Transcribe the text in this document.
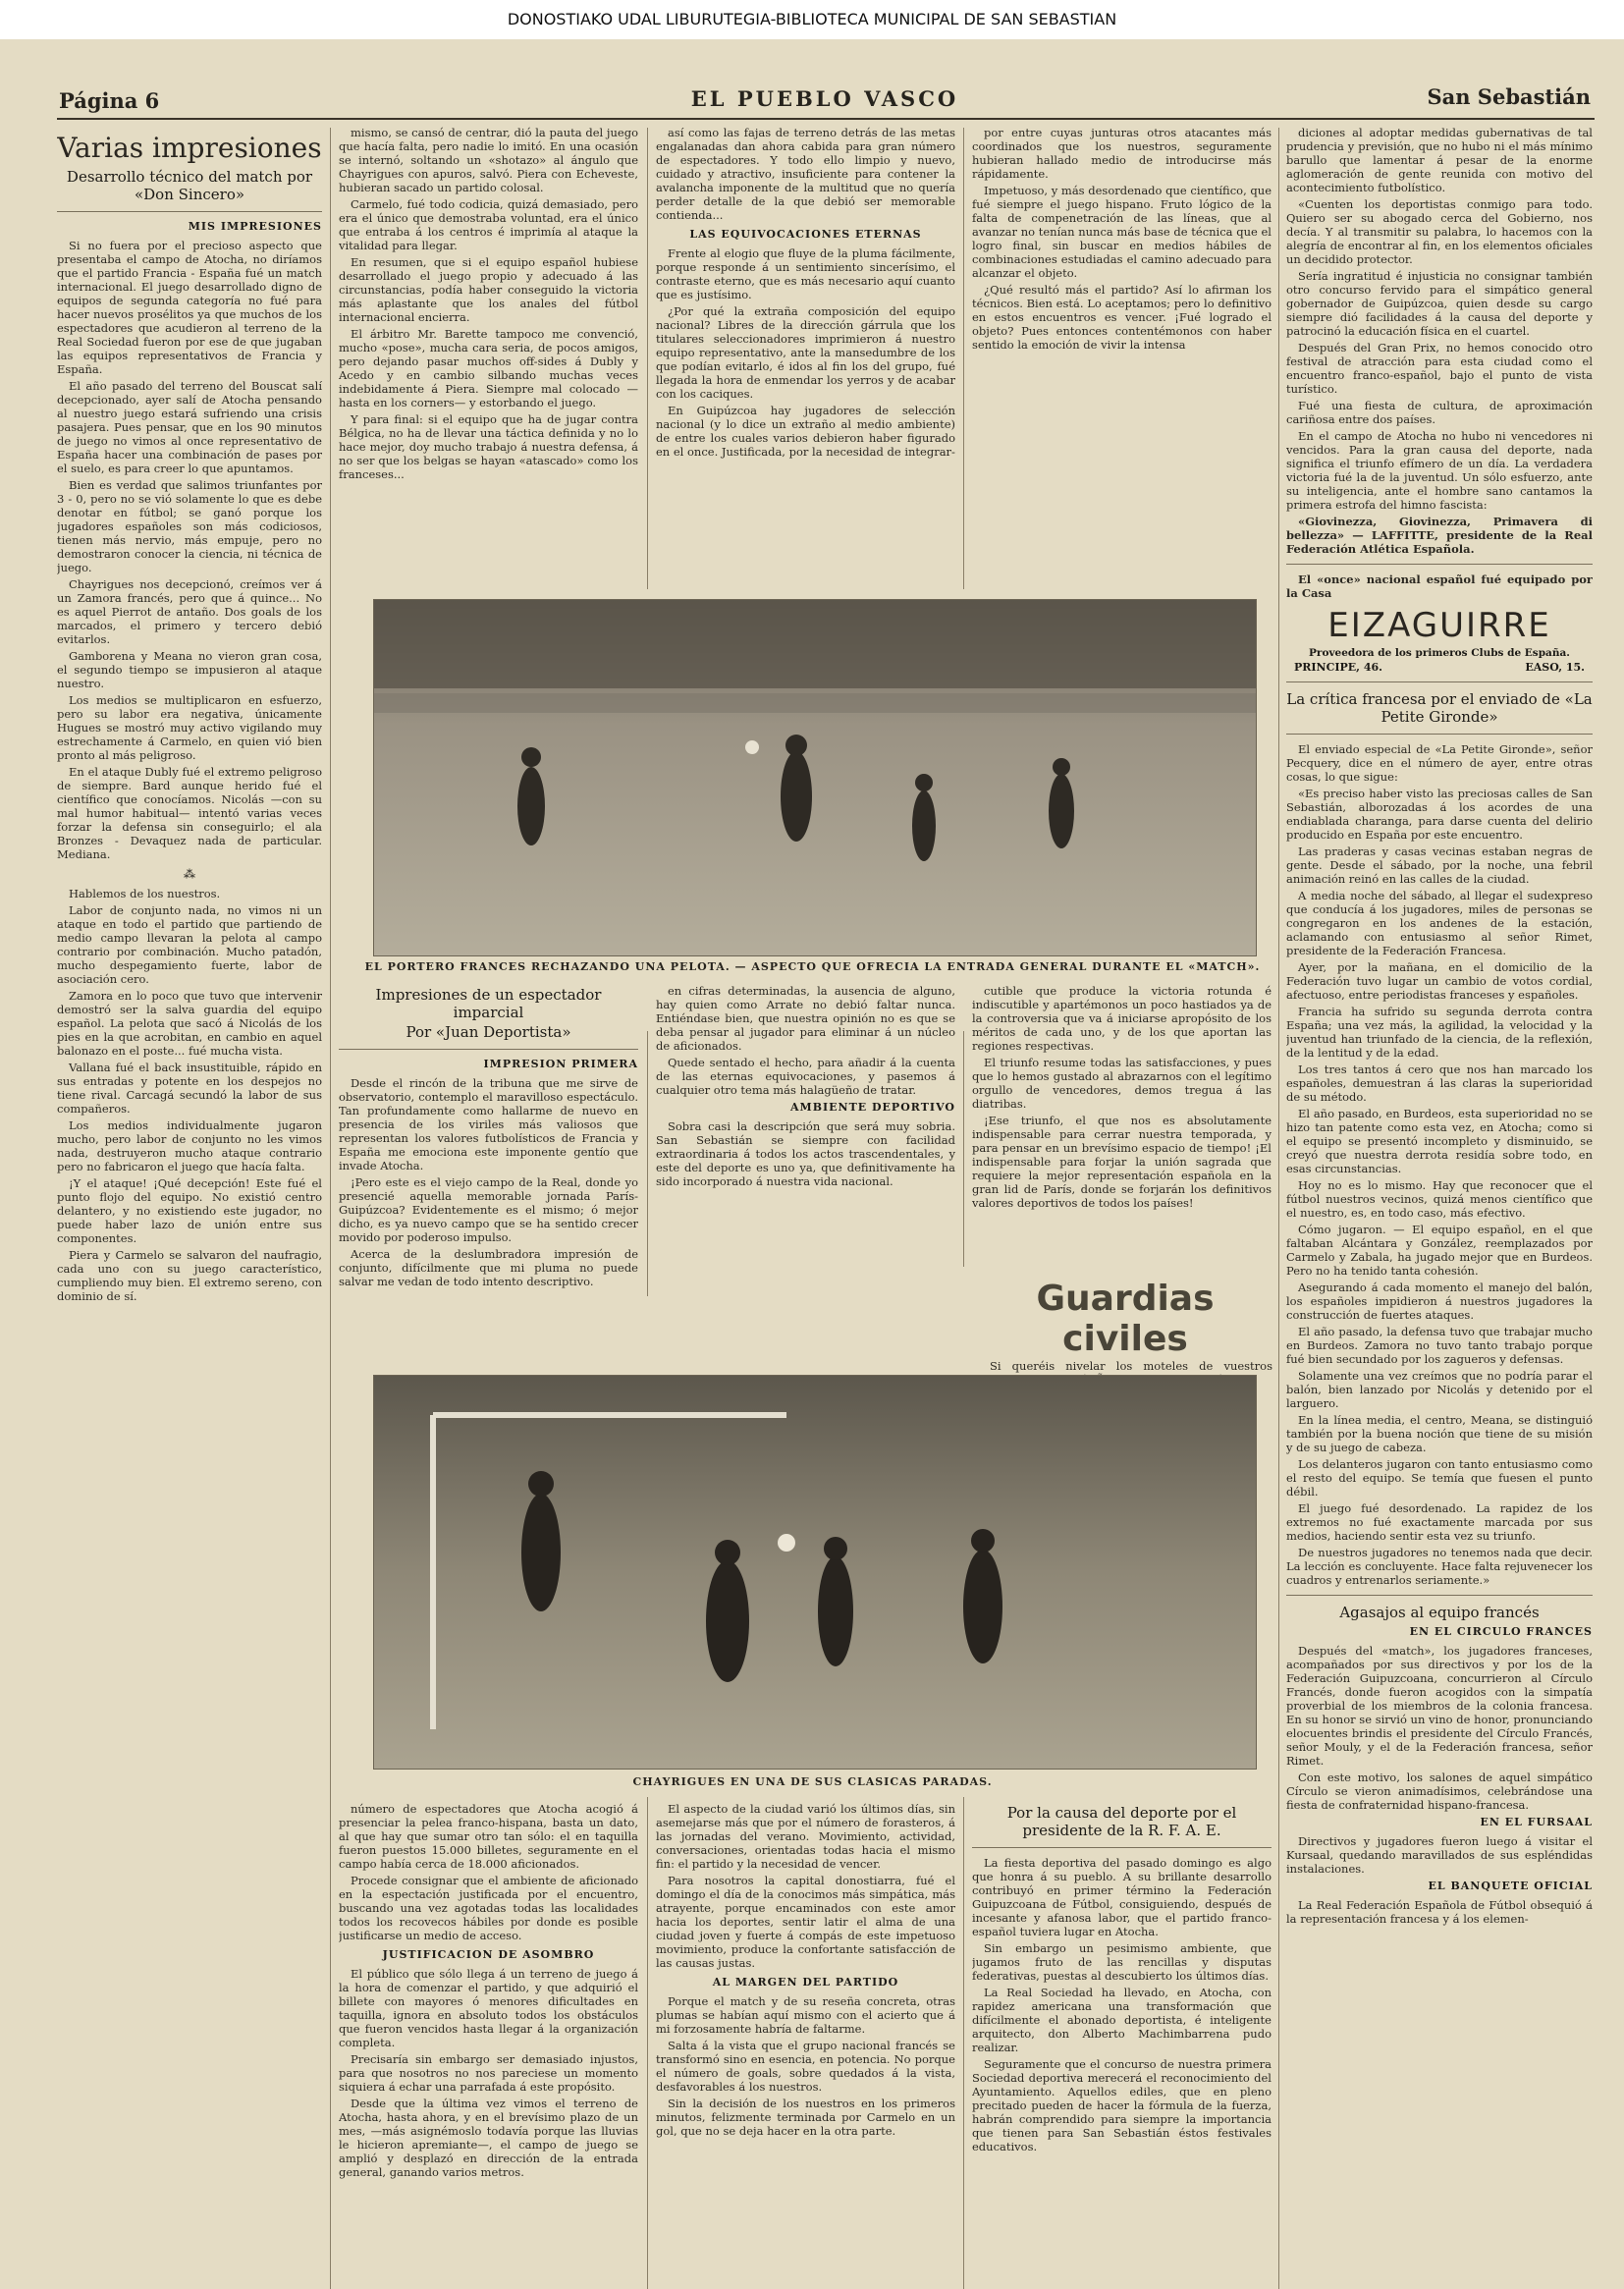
DONOSTIAKO UDAL LIBURUTEGIA-BIBLIOTECA MUNICIPAL DE SAN SEBASTIAN
Página 6	EL PUEBLO VASCO	San Sebastián
Varias impresiones
Desarrollo técnico del match por «Don Sincero»
MIS IMPRESIONES

Si no fuera por el precioso aspecto que presentaba el campo de Atocha, no diríamos que el partido Francia - España fué un match internacional. El juego desarrollado digno de equipos de segunda categoría no fué para hacer nuevos prosélitos ya que muchos de los espectadores que acudieron al terreno de la Real Sociedad fueron por ese de que jugaban las equipos representativos de Francia y España.

El año pasado del terreno del Bouscat salí decepcionado, ayer salí de Atocha pensando al nuestro juego estará sufriendo una crisis pasajera. Pues pensar, que en los 90 minutos de juego no vimos al once representativo de España hacer una combinación de pases por el suelo, es para creer lo que apuntamos.

Bien es verdad que salimos triunfantes por 3 - 0, pero no se vió solamente lo que es debe denotar en fútbol; se ganó porque los jugadores españoles son más codiciosos, tienen más nervio, más empuje, pero no demostraron conocer la ciencia, ni técnica de juego.

Chayrigues nos decepcionó, creímos ver á un Zamora francés, pero que á quince... No es aquel Pierrot de antaño. Dos goals de los marcados, el primero y tercero debió evitarlos.

Gamborena y Meana no vieron gran cosa, el segundo tiempo se impusieron al ataque nuestro.

Los medios se multiplicaron en esfuerzo, pero su labor era negativa, únicamente Hugues se mostró muy activo vigilando muy estrechamente á Carmelo, en quien vió bien pronto al más peligroso.

En el ataque Dubly fué el extremo peligroso de siempre. Bard aunque herido fué el científico que conocíamos. Nicolás —con su mal humor habitual— intentó varias veces forzar la defensa sin conseguirlo; el ala Bronzes - Devaquez nada de particular. Mediana.

⁂

Hablemos de los nuestros.

Labor de conjunto nada, no vimos ni un ataque en todo el partido que partiendo de medio campo llevaran la pelota al campo contrario por combinación. Mucho patadón, mucho despegamiento fuerte, labor de asociación cero.

Zamora en lo poco que tuvo que intervenir demostró ser la salva guardia del equipo español. La pelota que sacó á Nicolás de los pies en la que acrobitan, en cambio en aquel balonazo en el poste... fué mucha vista.

Vallana fué el back insustituible, rápido en sus entradas y potente en los despejos no tiene rival. Carcagá secundó la labor de sus compañeros.

Los medios individualmente jugaron mucho, pero labor de conjunto no les vimos nada, destruyeron mucho ataque contrario pero no fabricaron el juego que hacía falta.

¡Y el ataque! ¡Qué decepción! Este fué el punto flojo del equipo. No existió centro delantero, y no existiendo este jugador, no puede haber lazo de unión entre sus componentes.

Piera y Carmelo se salvaron del naufragio, cada uno con su juego característico, cumpliendo muy bien. El extremo sereno, con dominio de sí.

mismo, se cansó de centrar, dió la pauta del juego que hacía falta, pero nadie lo imitó. En una ocasión se internó, soltando un «shotazo» al ángulo que Chayrigues con apuros, salvó. Piera con Echeveste, hubieran sacado un partido colosal.

Carmelo, fué todo codicia, quizá demasiado, pero era el único que demostraba voluntad, era el único que entraba á los centros é imprimía al ataque la vitalidad para llegar.

En resumen, que si el equipo español hubiese desarrollado el juego propio y adecuado á las circunstancias, podía haber conseguido la victoria más aplastante que los anales del fútbol internacional encierra.

El árbitro Mr. Barette tampoco me convenció, mucho «pose», mucha cara seria, de pocos amigos, pero dejando pasar muchos off-sides á Dubly y Acedo y en cambio silbando muchas veces indebidamente á Piera. Siempre mal colocado —hasta en los corners— y estorbando el juego.

Y para final: si el equipo que ha de jugar contra Bélgica, no ha de llevar una táctica definida y no lo hace mejor, doy mucho trabajo á nuestra defensa, á no ser que los belgas se hayan «atascado» como los franceses...

así como las fajas de terreno detrás de las metas engalanadas dan ahora cabida para gran número de espectadores. Y todo ello limpio y nuevo, cuidado y atractivo, insuficiente para contener la avalancha imponente de la multitud que no quería perder detalle de la que debió ser memorable contienda...

LAS EQUIVOCACIONES ETERNAS

Frente al elogio que fluye de la pluma fácilmente, porque responde á un sentimiento sincerísimo, el contraste eterno, que es más necesario aquí cuanto que es justísimo.

¿Por qué la extraña composición del equipo nacional? Libres de la dirección gárrula que los titulares seleccionadores imprimieron á nuestro equipo representativo, ante la mansedumbre de los que podían evitarlo, é idos al fin los del grupo, fué llegada la hora de enmendar los yerros y de acabar con los caciques.

En Guipúzcoa hay jugadores de selección nacional (y lo dice un extraño al medio ambiente) de entre los cuales varios debieron haber figurado en el once. Justificada, por la necesidad de integrar-

por entre cuyas junturas otros atacantes más coordinados que los nuestros, seguramente hubieran hallado medio de introducirse más rápidamente.

Impetuoso, y más desordenado que científico, que fué siempre el juego hispano. Fruto lógico de la falta de compenetración de las líneas, que al avanzar no tenían nunca más base de técnica que el logro final, sin buscar en medios hábiles de combinaciones estudiadas el camino adecuado para alcanzar el objeto.

¿Qué resultó más el partido? Así lo afirman los técnicos. Bien está. Lo aceptamos; pero lo definitivo en estos encuentros es vencer. ¡Fué logrado el objeto? Pues entonces contentémonos con haber sentido la emoción de vivir la intensa

EL PORTERO FRANCES RECHAZANDO UNA PELOTA. — ASPECTO QUE OFRECIA LA ENTRADA GENERAL DURANTE EL «MATCH».
Impresiones de un espectador imparcial
Por «Juan Deportista»
IMPRESION PRIMERA

Desde el rincón de la tribuna que me sirve de observatorio, contemplo el maravilloso espectáculo. Tan profundamente como hallarme de nuevo en presencia de los viriles más valiosos que representan los valores futbolísticos de Francia y España me emociona este imponente gentío que invade Atocha.

¡Pero este es el viejo campo de la Real, donde yo presencié aquella memorable jornada París-Guipúzcoa? Evidentemente es el mismo; ó mejor dicho, es ya nuevo campo que se ha sentido crecer movido por poderoso impulso.

Acerca de la deslumbradora impresión de conjunto, difícilmente que mi pluma no puede salvar me vedan de todo intento descriptivo.

en cifras determinadas, la ausencia de alguno, hay quien como Arrate no debió faltar nunca. Entiéndase bien, que nuestra opinión no es que se deba pensar al jugador para eliminar á un núcleo de aficionados.

Quede sentado el hecho, para añadir á la cuenta de las eternas equivocaciones, y pasemos á cualquier otro tema más halagüeño de tratar.

AMBIENTE DEPORTIVO

Sobra casi la descripción que será muy sobria. San Sebastián se siempre con facilidad extraordinaria á todos los actos trascendentales, y este del deporte es uno ya, que definitivamente ha sido incorporado á nuestra vida nacional.

cutible que produce la victoria rotunda é indiscutible y apartémonos un poco hastiados ya de la controversia que va á iniciarse apropósito de los méritos de cada uno, y de los que aportan las regiones respectivas.

El triunfo resume todas las satisfacciones, y pues que lo hemos gustado al abrazarnos con el legítimo orgullo de vencedores, demos tregua á las diatribas.

¡Ese triunfo, el que nos es absolutamente indispensable para cerrar nuestra temporada, y para pensar en un brevísimo espacio de tiempo! ¡El indispensable para forjar la unión sagrada que requiere la mejor representación española en la gran lid de París, donde se forjarán los definitivos valores deportivos de todos los países!

Guardias civiles

Si queréis nivelar los moteles de vuestros

CHAYRIGUES EN UNA DE SUS CLASICAS PARADAS.

número de espectadores que Atocha acogió á presenciar la pelea franco-hispana, basta un dato, al que hay que sumar otro tan sólo: el en taquilla fueron puestos 15.000 billetes, seguramente en el campo había cerca de 18.000 aficionados.

Procede consignar que el ambiente de aficionado en la espectación justificada por el encuentro, buscando una vez agotadas todas las localidades todos los recovecos hábiles por donde es posible justificarse un medio de acceso.

JUSTIFICACION DE ASOMBRO

El público que sólo llega á un terreno de juego á la hora de comenzar el partido, y que adquirió el billete con mayores ó menores dificultades en taquilla, ignora en absoluto todos los obstáculos que fueron vencidos hasta llegar á la organización completa.

Precisaría sin embargo ser demasiado injustos, para que nosotros no nos pareciese un momento siquiera á echar una parrafada á este propósito.

Desde que la última vez vimos el terreno de Atocha, hasta ahora, y en el brevísimo plazo de un mes, —más asignémoslo todavía porque las lluvias le hicieron apremiante—, el campo de juego se amplió y desplazó en dirección de la entrada general, ganando varios metros.

El aspecto de la ciudad varió los últimos días, sin asemejarse más que por el número de forasteros, á las jornadas del verano. Movimiento, actividad, conversaciones, orientadas todas hacia el mismo fin: el partido y la necesidad de vencer.

Para nosotros la capital donostiarra, fué el domingo el día de la conocimos más simpática, más atrayente, porque encaminados con este amor hacia los deportes, sentir latir el alma de una ciudad joven y fuerte á compás de este impetuoso movimiento, produce la confortante satisfacción de las causas justas.

AL MARGEN DEL PARTIDO

Porque el match y de su reseña concreta, otras plumas se habían aquí mismo con el acierto que á mi forzosamente habría de faltarme.

Salta á la vista que el grupo nacional francés se transformó sino en esencia, en potencia. No porque el número de goals, sobre quedados á la vista, desfavorables á los nuestros.

Sin la decisión de los nuestros en los primeros minutos, felizmente terminada por Carmelo en un gol, que no se deja hacer en la otra parte.

Por la causa del deporte por el presidente de la R. F. A. E.

La fiesta deportiva del pasado domingo es algo que honra á su pueblo. A su brillante desarrollo contribuyó en primer término la Federación Guipuzcoana de Fútbol, consiguiendo, después de incesante y afanosa labor, que el partido franco-español tuviera lugar en Atocha.

Sin embargo un pesimismo ambiente, que jugamos fruto de las rencillas y disputas federativas, puestas al descubierto los últimos días.

La Real Sociedad ha llevado, en Atocha, con rapidez americana una transformación que difícilmente el abonado deportista, é inteligente arquitecto, don Alberto Machimbarrena pudo realizar.

Seguramente que el concurso de nuestra primera Sociedad deportiva merecerá el reconocimiento del Ayuntamiento. Aquellos ediles, que en pleno precitado pueden de hacer la fórmula de la fuerza, habrán comprendido para siempre la importancia que tienen para San Sebastián éstos festivales educativos.

diciones al adoptar medidas gubernativas de tal prudencia y previsión, que no hubo ni el más mínimo barullo que lamentar á pesar de la enorme aglomeración de gente reunida con motivo del acontecimiento futbolístico.

«Cuenten los deportistas conmigo para todo. Quiero ser su abogado cerca del Gobierno, nos decía. Y al transmitir su palabra, lo hacemos con la alegría de encontrar al fin, en los elementos oficiales un decidido protector.

Sería ingratitud é injusticia no consignar también otro concurso fervido para el simpático general gobernador de Guipúzcoa, quien desde su cargo siempre dió facilidades á la causa del deporte y patrocinó la educación física en el cuartel.

Después del Gran Prix, no hemos conocido otro festival de atracción para esta ciudad como el encuentro franco-español, bajo el punto de vista turístico.

Fué una fiesta de cultura, de aproximación cariñosa entre dos países.

En el campo de Atocha no hubo ni vencedores ni vencidos. Para la gran causa del deporte, nada significa el triunfo efímero de un día. La verdadera victoria fué la de la juventud. Un sólo esfuerzo, ante su inteligencia, ante el hombre sano cantamos la primera estrofa del himno fascista:

«Giovinezza, Giovinezza, Primavera di bellezza» — LAFFITTE, presidente de la Real Federación Atlética Española.

El «once» nacional español fué equipado por la Casa

EIZAGUIRRE
Proveedora de los primeros Clubs de España.
PRINCIPE, 46.	EASO, 15.
La crítica francesa por el enviado de «La Petite Gironde»

El enviado especial de «La Petite Gironde», señor Pecquery, dice en el número de ayer, entre otras cosas, lo que sigue:

«Es preciso haber visto las preciosas calles de San Sebastián, alborozadas á los acordes de una endiablada charanga, para darse cuenta del delirio producido en España por este encuentro.

Las praderas y casas vecinas estaban negras de gente. Desde el sábado, por la noche, una febril animación reinó en las calles de la ciudad.

A media noche del sábado, al llegar el sudexpreso que conducía á los jugadores, miles de personas se congregaron en los andenes de la estación, aclamando con entusiasmo al señor Rimet, presidente de la Federación Francesa.

Ayer, por la mañana, en el domicilio de la Federación tuvo lugar un cambio de votos cordial, afectuoso, entre periodistas franceses y españoles.

Francia ha sufrido su segunda derrota contra España; una vez más, la agilidad, la velocidad y la juventud han triunfado de la ciencia, de la reflexión, de la lentitud y de la edad.

Los tres tantos á cero que nos han marcado los españoles, demuestran á las claras la superioridad de su método.

El año pasado, en Burdeos, esta superioridad no se hizo tan patente como esta vez, en Atocha; como si el equipo se presentó incompleto y disminuido, se creyó que nuestra derrota residía sobre todo, en esas circunstancias.

Hoy no es lo mismo. Hay que reconocer que el fútbol nuestros vecinos, quizá menos científico que el nuestro, es, en todo caso, más efectivo.

Cómo jugaron. — El equipo español, en el que faltaban Alcántara y González, reemplazados por Carmelo y Zabala, ha jugado mejor que en Burdeos. Pero no ha tenido tanta cohesión.

Asegurando á cada momento el manejo del balón, los españoles impidieron á nuestros jugadores la construcción de fuertes ataques.

El año pasado, la defensa tuvo que trabajar mucho en Burdeos. Zamora no tuvo tanto trabajo porque fué bien secundado por los zagueros y defensas.

Solamente una vez creímos que no podría parar el balón, bien lanzado por Nicolás y detenido por el larguero.

En la línea media, el centro, Meana, se distinguió también por la buena noción que tiene de su misión y de su juego de cabeza.

Los delanteros jugaron con tanto entusiasmo como el resto del equipo. Se temía que fuesen el punto débil.

El juego fué desordenado. La rapidez de los extremos no fué exactamente marcada por sus medios, haciendo sentir esta vez su triunfo.

De nuestros jugadores no tenemos nada que decir. La lección es concluyente. Hace falta rejuvenecer los cuadros y entrenarlos seriamente.»

Agasajos al equipo francés
EN EL CIRCULO FRANCES

Después del «match», los jugadores franceses, acompañados por sus directivos y por los de la Federación Guipuzcoana, concurrieron al Círculo Francés, donde fueron acogidos con la simpatía proverbial de los miembros de la colonia francesa. En su honor se sirvió un vino de honor, pronunciando elocuentes brindis el presidente del Círculo Francés, señor Mouly, y el de la Federación francesa, señor Rimet.

Con este motivo, los salones de aquel simpático Círculo se vieron animadísimos, celebrándose una fiesta de confraternidad hispano-francesa.

EN EL FURSAAL

Directivos y jugadores fueron luego á visitar el Kursaal, quedando maravillados de sus espléndidas instalaciones.

EL BANQUETE OFICIAL

La Real Federación Española de Fútbol obsequió á la representación francesa y á los elemen-
